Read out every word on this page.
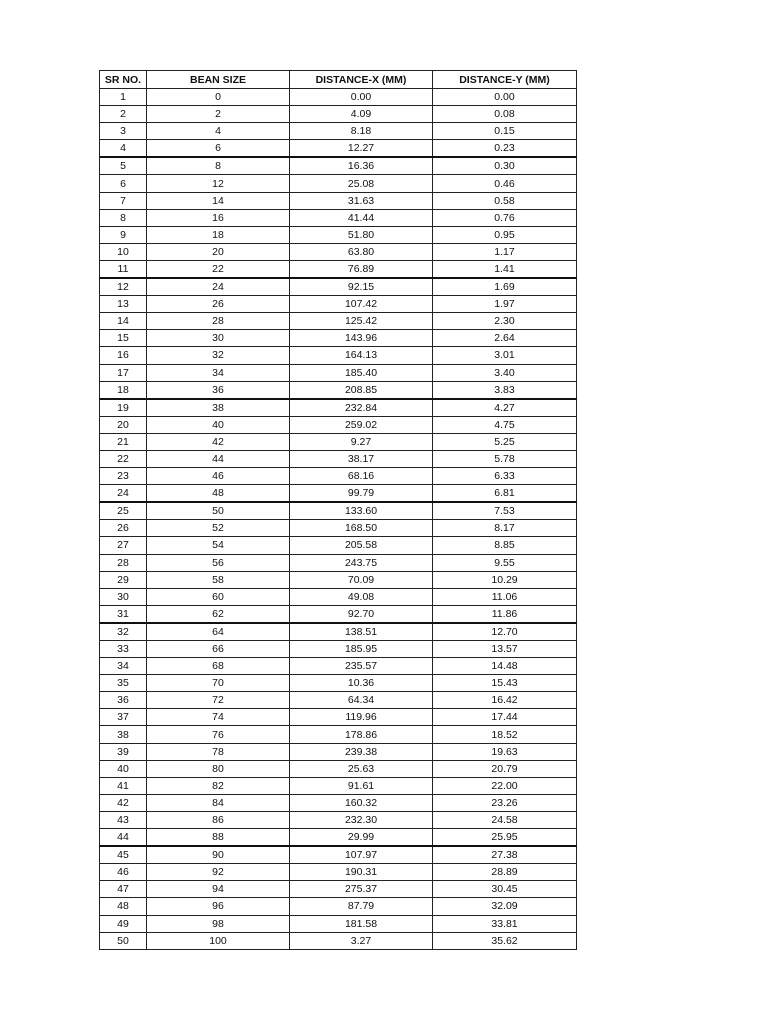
SR NO.	BEAN SIZE	DISTANCE-X (MM)	DISTANCE-Y (MM)
1	0	0.00	0.00
2	2	4.09	0.08
3	4	8.18	0.15
4	6	12.27	0.23
5	8	16.36	0.30
6	12	25.08	0.46
7	14	31.63	0.58
8	16	41.44	0.76
9	18	51.80	0.95
10	20	63.80	1.17
11	22	76.89	1.41
12	24	92.15	1.69
13	26	107.42	1.97
14	28	125.42	2.30
15	30	143.96	2.64
16	32	164.13	3.01
17	34	185.40	3.40
18	36	208.85	3.83
19	38	232.84	4.27
20	40	259.02	4.75
21	42	9.27	5.25
22	44	38.17	5.78
23	46	68.16	6.33
24	48	99.79	6.81
25	50	133.60	7.53
26	52	168.50	8.17
27	54	205.58	8.85
28	56	243.75	9.55
29	58	70.09	10.29
30	60	49.08	11.06
31	62	92.70	11.86
32	64	138.51	12.70
33	66	185.95	13.57
34	68	235.57	14.48
35	70	10.36	15.43
36	72	64.34	16.42
37	74	119.96	17.44
38	76	178.86	18.52
39	78	239.38	19.63
40	80	25.63	20.79
41	82	91.61	22.00
42	84	160.32	23.26
43	86	232.30	24.58
44	88	29.99	25.95
45	90	107.97	27.38
46	92	190.31	28.89
47	94	275.37	30.45
48	96	87.79	32.09
49	98	181.58	33.81
50	100	3.27	35.62
